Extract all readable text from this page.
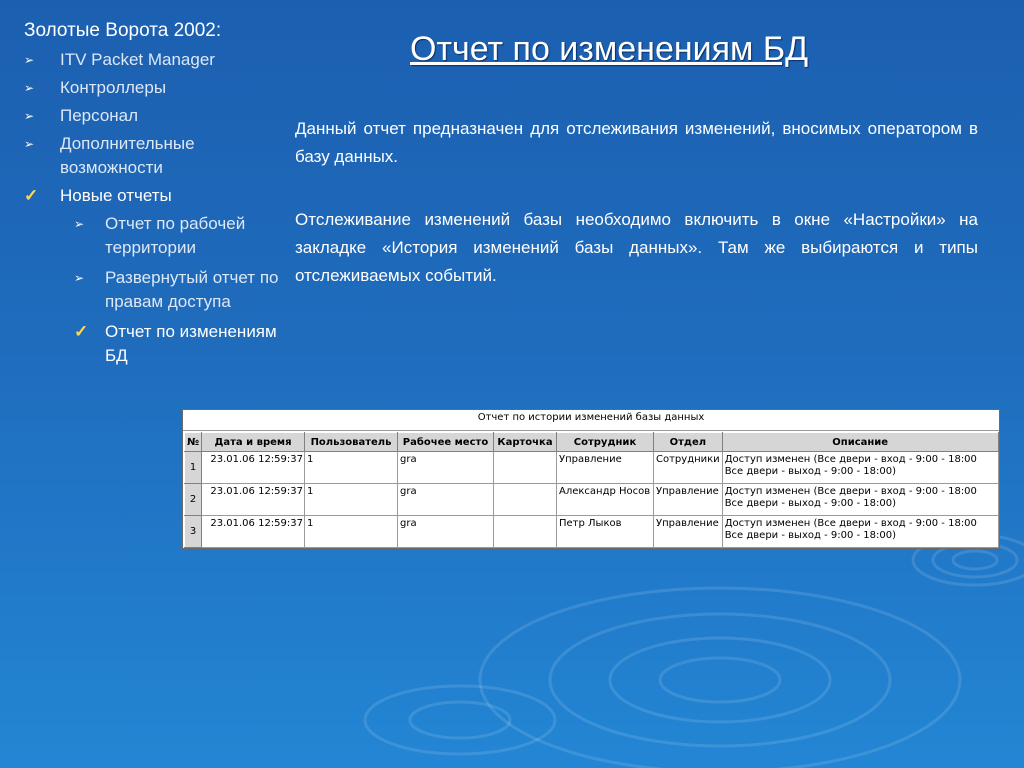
Золотые Ворота 2002:
➢	ITV Packet Manager
➢	Контроллеры
➢	Персонал
➢	Дополнительные возможности
✓	Новые отчеты
➢	Отчет по рабочей территории
➢	Развернутый отчет по правам доступа
✓ Отчет по изменениям БД
Отчет по изменениям БД
Данный отчет предназначен для отслеживания изменений, вносимых оператором в базу данных.
Отслеживание изменений базы необходимо включить в окне «Настройки» на закладке «История изменений базы данных». Там же выбираются и типы отслеживаемых событий.
Отчет по истории изменений базы данных
№	Дата и время	Пользователь	Рабочее место	Карточка	Сотрудник	Отдел	Описание
1	23.01.06 12:59:37	1	gra		Управление	Сотрудники	Доступ изменен (Все двери - вход - 9:00 - 18:00
Все двери - выход - 9:00 - 18:00)

2	23.01.06 12:59:37	1	gra		Александр Носов	Управление	Доступ изменен (Все двери - вход - 9:00 - 18:00
Все двери - выход - 9:00 - 18:00)

3	23.01.06 12:59:37	1	gra		Петр Лыков	Управление	Доступ изменен (Все двери - вход - 9:00 - 18:00
Все двери - выход - 9:00 - 18:00)
